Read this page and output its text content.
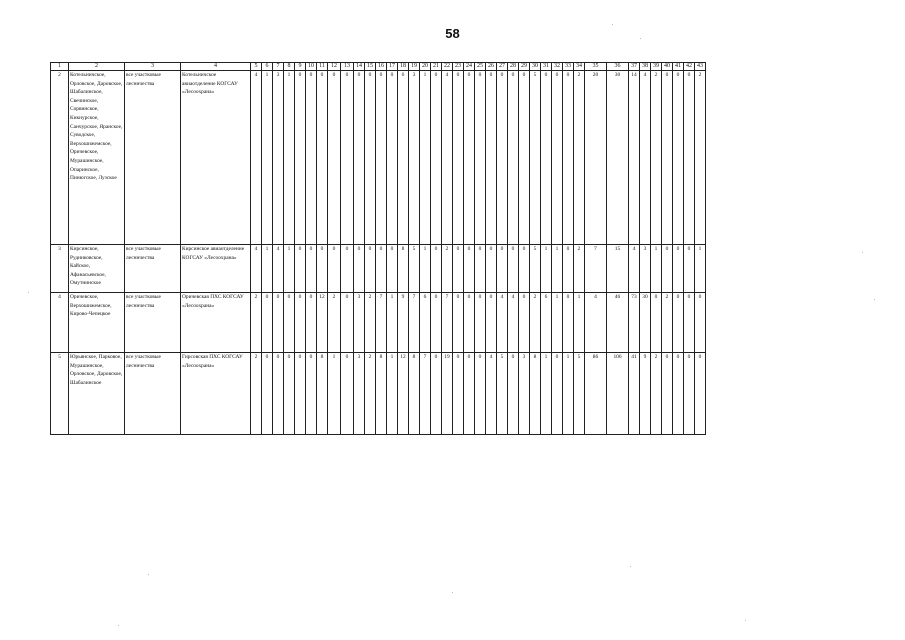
58
1	2	3	4	5	6	7	8	9	10	11	12	13	14	15	16	17	18	19	20	21	22	23	24	25	26	27	28	29	30	31	32	33	34	35	36	37	38	39	40	41	42	43
2	Котельничское, Орловское, Даровское, Шабалинское, Свечинское, Сорвинское, Кикнурское, Санчурское, Яранское, Суводское, Верхошижемское, Оричевское, Мурашинское, Опаринское, Пинюгское, Лузское	все участковые лесничества	Котельничское авиаотделение КОГСАУ «Лесоохрана»	4	1	3	1	0	0	0	0	0	0	0	0	0	6	3	1	0	4	0	0	0	0	0	0	0	5	0	0	0	2	20	30	14	4	2	0	0	0	2
3	Кирсинское, Рудниковское, Кайское, Афанасьевское, Омутнинское	все участковые лесничества	Кирсинское авиаотделение КОГСАУ «Лесоохрана»	4	1	4	1	0	0	0	0	0	0	0	0	0	8	5	1	0	2	0	0	0	0	0	0	0	5	1	1	0	2	7	15	4	3	1	0	0	0	1
4	Оричевское, Верхошижемское, Кирово-Чепецкое	все участковые лесничества	Оричевская ПХС КОГСАУ «Лесоохрана»	2	0	0	0	0	0	12	2	0	3	2	7	1	9	7	6	0	7	0	0	0	0	4	4	0	2	6	1	0	1	4	46	73	30	0	2	0	0	0
5	Юрьянское, Парковое, Мурашинское, Орловское, Даровское, Шабалинское	все участковые лесничества	Гирсовская ПХС КОГСАУ «Лесоохрана»	2	0	0	0	0	0	8	1	0	3	2	8	1	12	8	7	0	19	0	0	0	4	5	0	3	8	1	0	1	5	86	106	41	9	2	0	0	0	0
